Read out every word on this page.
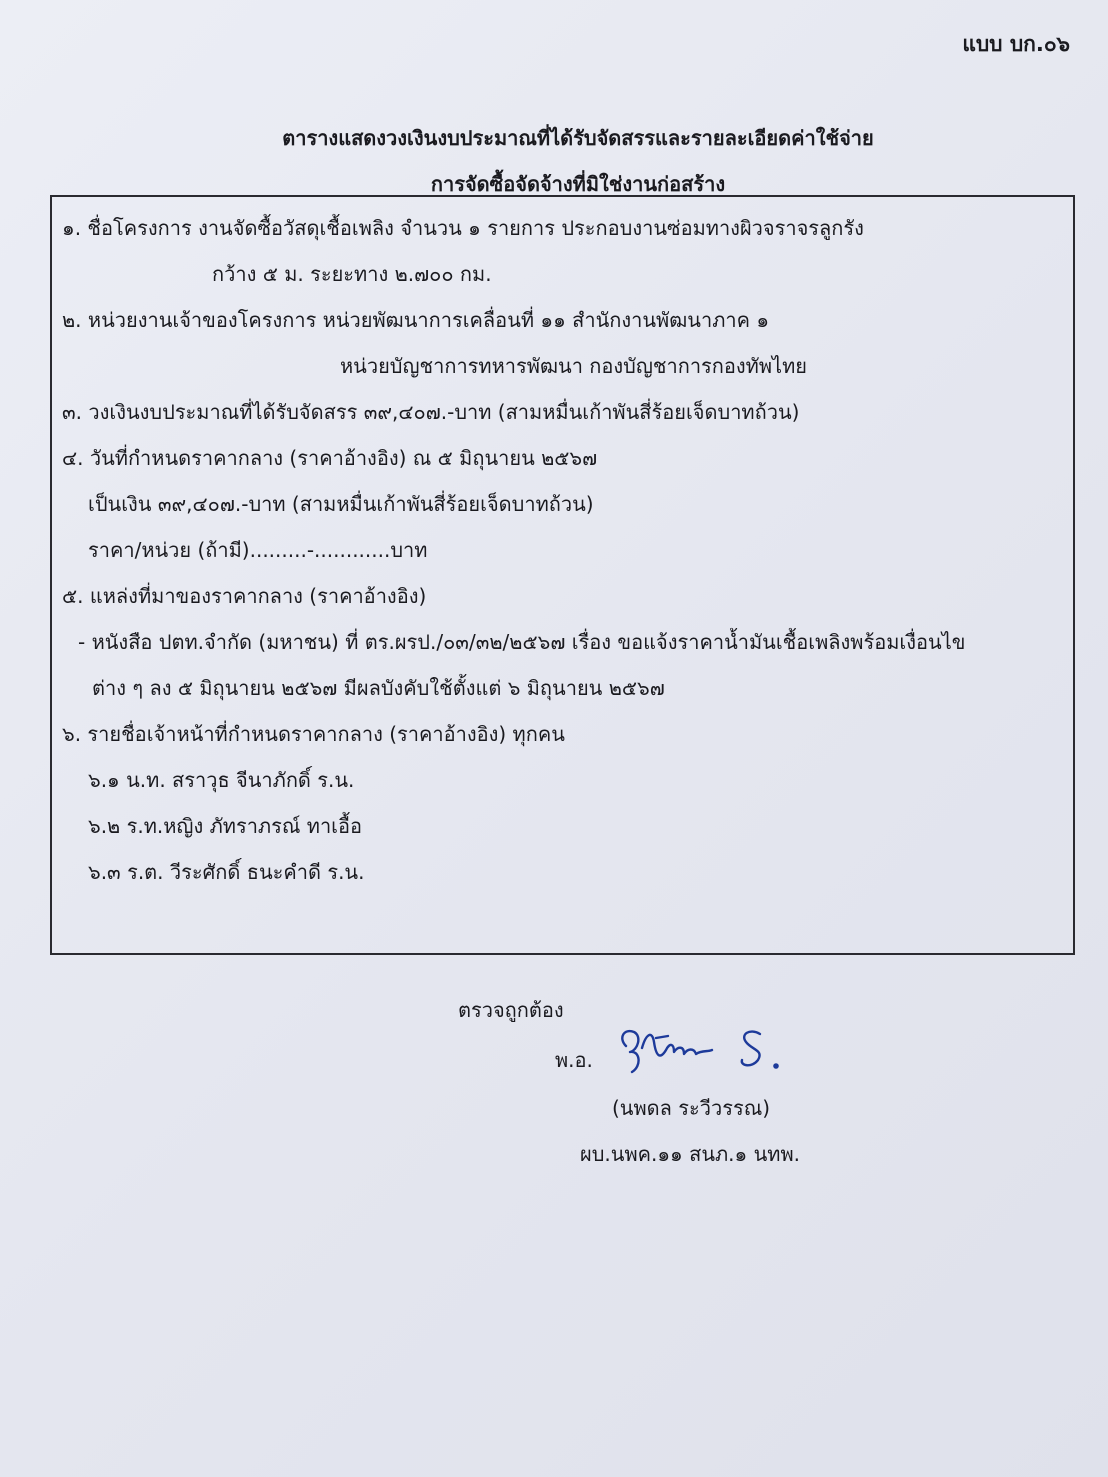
แบบ บก.๐๖
ตารางแสดงวงเงินงบประมาณที่ได้รับจัดสรรและรายละเอียดค่าใช้จ่าย
การจัดซื้อจัดจ้างที่มิใช่งานก่อสร้าง
๑. ชื่อโครงการ งานจัดซื้อวัสดุเชื้อเพลิง จำนวน ๑ รายการ ประกอบงานซ่อมทางผิวจราจรลูกรัง
กว้าง ๕ ม. ระยะทาง ๒.๗๐๐ กม.
๒. หน่วยงานเจ้าของโครงการ หน่วยพัฒนาการเคลื่อนที่ ๑๑ สำนักงานพัฒนาภาค ๑
หน่วยบัญชาการทหารพัฒนา กองบัญชาการกองทัพไทย
๓. วงเงินงบประมาณที่ได้รับจัดสรร ๓๙,๔๐๗.-บาท (สามหมื่นเก้าพันสี่ร้อยเจ็ดบาทถ้วน)
๔. วันที่กำหนดราคากลาง (ราคาอ้างอิง) ณ ๕ มิถุนายน ๒๕๖๗
เป็นเงิน ๓๙,๔๐๗.-บาท (สามหมื่นเก้าพันสี่ร้อยเจ็ดบาทถ้วน)
ราคา/หน่วย (ถ้ามี).........-............บาท
๕. แหล่งที่มาของราคากลาง (ราคาอ้างอิง)
- หนังสือ ปตท.จำกัด (มหาชน) ที่ ตร.ผรป./๐๓/๓๒/๒๕๖๗ เรื่อง ขอแจ้งราคาน้ำมันเชื้อเพลิงพร้อมเงื่อนไข
ต่าง ๆ ลง ๕ มิถุนายน ๒๕๖๗ มีผลบังคับใช้ตั้งแต่ ๖ มิถุนายน ๒๕๖๗
๖. รายชื่อเจ้าหน้าที่กำหนดราคากลาง (ราคาอ้างอิง) ทุกคน
๖.๑ น.ท. สราวุธ จีนาภักดิ์ ร.น.
๖.๒ ร.ท.หญิง ภัทราภรณ์ ทาเอื้อ
๖.๓ ร.ต. วีระศักดิ์ ธนะคำดี ร.น.
ตรวจถูกต้อง
พ.อ.
(นพดล ระวีวรรณ)
ผบ.นพค.๑๑ สนภ.๑ นทพ.
